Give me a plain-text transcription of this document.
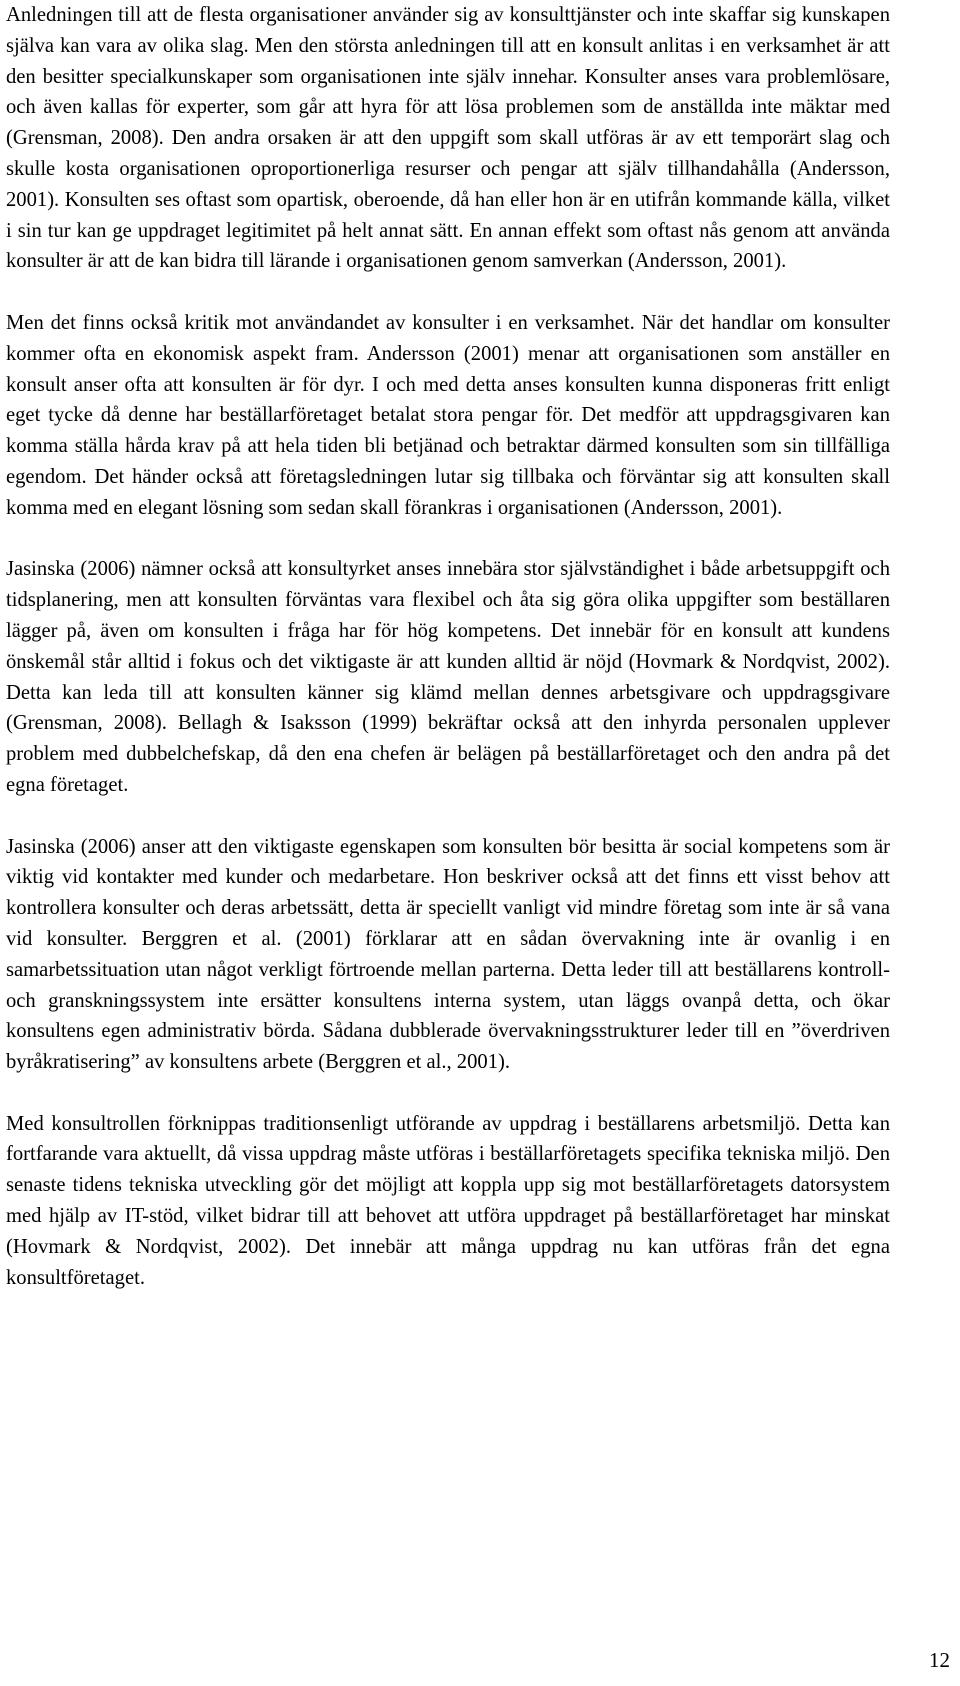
Anledningen till att de flesta organisationer använder sig av konsulttjänster och inte skaffar sig kunskapen själva kan vara av olika slag. Men den största anledningen till att en konsult anlitas i en verksamhet är att den besitter specialkunskaper som organisationen inte själv innehar. Konsulter anses vara problemlösare, och även kallas för experter, som går att hyra för att lösa problemen som de anställda inte mäktar med (Grensman, 2008). Den andra orsaken är att den uppgift som skall utföras är av ett temporärt slag och skulle kosta organisationen oproportionerliga resurser och pengar att själv tillhandahålla (Andersson, 2001). Konsulten ses oftast som opartisk, oberoende, då han eller hon är en utifrån kommande källa, vilket i sin tur kan ge uppdraget legitimitet på helt annat sätt. En annan effekt som oftast nås genom att använda konsulter är att de kan bidra till lärande i organisationen genom samverkan (Andersson, 2001).

Men det finns också kritik mot användandet av konsulter i en verksamhet. När det handlar om konsulter kommer ofta en ekonomisk aspekt fram. Andersson (2001) menar att organisationen som anställer en konsult anser ofta att konsulten är för dyr. I och med detta anses konsulten kunna disponeras fritt enligt eget tycke då denne har beställarföretaget betalat stora pengar för. Det medför att uppdragsgivaren kan komma ställa hårda krav på att hela tiden bli betjänad och betraktar därmed konsulten som sin tillfälliga egendom. Det händer också att företagsledningen lutar sig tillbaka och förväntar sig att konsulten skall komma med en elegant lösning som sedan skall förankras i organisationen (Andersson, 2001).

Jasinska (2006) nämner också att konsultyrket anses innebära stor självständighet i både arbetsuppgift och tidsplanering, men att konsulten förväntas vara flexibel och åta sig göra olika uppgifter som beställaren lägger på, även om konsulten i fråga har för hög kompetens. Det innebär för en konsult att kundens önskemål står alltid i fokus och det viktigaste är att kunden alltid är nöjd (Hovmark & Nordqvist, 2002). Detta kan leda till att konsulten känner sig klämd mellan dennes arbetsgivare och uppdragsgivare (Grensman, 2008). Bellagh & Isaksson (1999) bekräftar också att den inhyrda personalen upplever problem med dubbelchefskap, då den ena chefen är belägen på beställarföretaget och den andra på det egna företaget.

Jasinska (2006) anser att den viktigaste egenskapen som konsulten bör besitta är social kompetens som är viktig vid kontakter med kunder och medarbetare. Hon beskriver också att det finns ett visst behov att kontrollera konsulter och deras arbetssätt, detta är speciellt vanligt vid mindre företag som inte är så vana vid konsulter. Berggren et al. (2001) förklarar att en sådan övervakning inte är ovanlig i en samarbetssituation utan något verkligt förtroende mellan parterna. Detta leder till att beställarens kontroll- och granskningssystem inte ersätter konsultens interna system, utan läggs ovanpå detta, och ökar konsultens egen administrativ börda. Sådana dubblerade övervakningsstrukturer leder till en ”överdriven byråkratisering” av konsultens arbete (Berggren et al., 2001).

Med konsultrollen förknippas traditionsenligt utförande av uppdrag i beställarens arbetsmiljö. Detta kan fortfarande vara aktuellt, då vissa uppdrag måste utföras i beställarföretagets specifika tekniska miljö. Den senaste tidens tekniska utveckling gör det möjligt att koppla upp sig mot beställarföretagets datorsystem med hjälp av IT-stöd, vilket bidrar till att behovet att utföra uppdraget på beställarföretaget har minskat (Hovmark & Nordqvist, 2002). Det innebär att många uppdrag nu kan utföras från det egna konsultföretaget.

12
